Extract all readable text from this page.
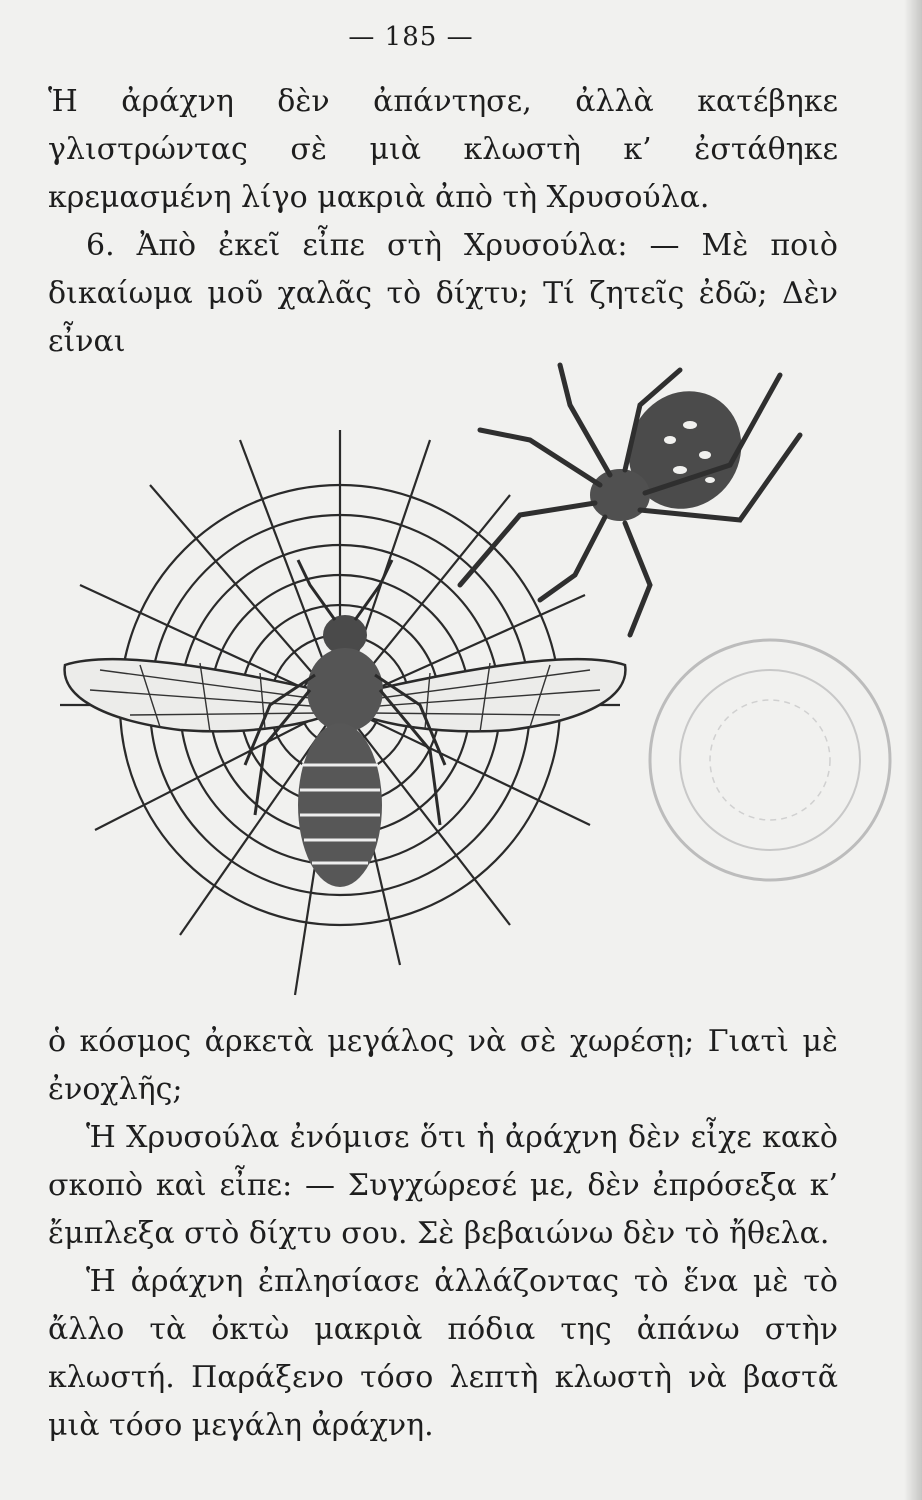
— 185 —

Ἡ ἀράχνη δὲν ἀπάντησε, ἀλλὰ κατέβηκε γλιστρώντας σὲ μιὰ κλωστὴ κ’ ἐστάθηκε κρεμασμένη λίγο μακριὰ ἀπὸ τὴ Χρυσούλα.

6. Ἀπὸ ἐκεῖ εἶπε στὴ Χρυσούλα: — Μὲ ποιὸ δικαίωμα μοῦ χαλᾶς τὸ δίχτυ; Τί ζητεῖς ἐδῶ; Δὲν εἶναι

ὁ κόσμος ἀρκετὰ μεγάλος νὰ σὲ χωρέσῃ; Γιατὶ μὲ ἐνοχλῆς;

Ἡ Χρυσούλα ἐνόμισε ὅτι ἡ ἀράχνη δὲν εἶχε κακὸ σκοπὸ καὶ εἶπε: — Συγχώρεσέ με, δὲν ἐπρόσεξα κ’ ἔμπλεξα στὸ δίχτυ σου. Σὲ βεβαιώνω δὲν τὸ ἤθελα.

Ἡ ἀράχνη ἐπλησίασε ἀλλάζοντας τὸ ἕνα μὲ τὸ ἄλλο τὰ ὀκτὼ μακριὰ πόδια της ἀπάνω στὴν κλωστή. Παράξενο τόσο λεπτὴ κλωστὴ νὰ βαστᾶ μιὰ τόσο μεγάλη ἀράχνη.
